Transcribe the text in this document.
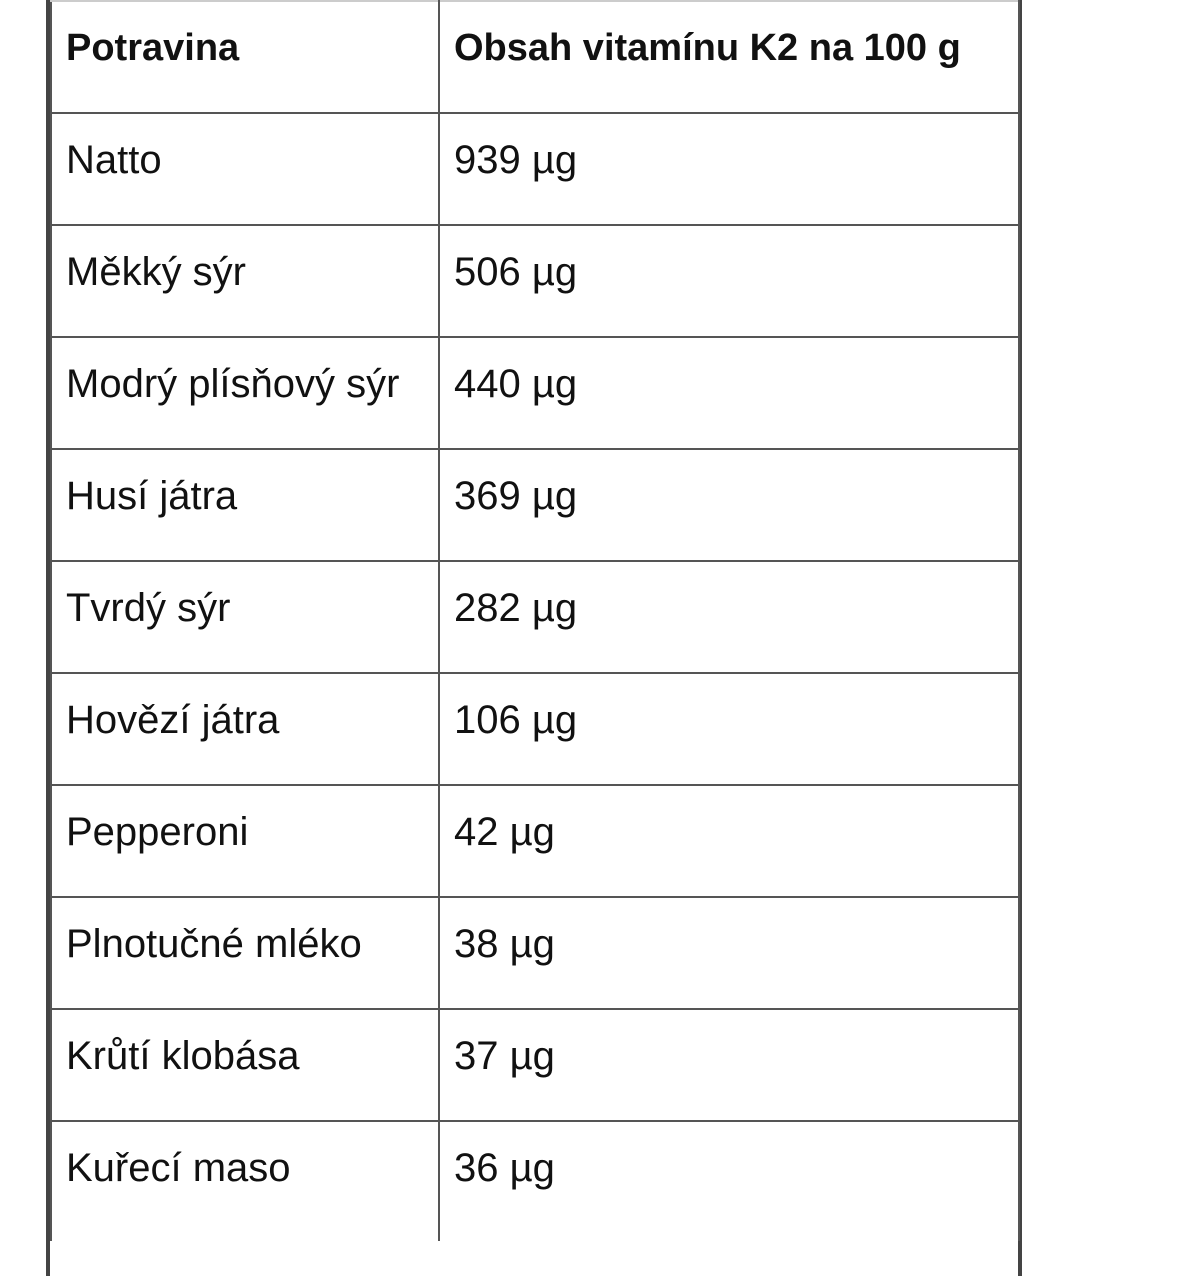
Potravina	Obsah vitamínu K2 na 100 g
Natto	939 µg
Měkký sýr	506 µg
Modrý plísňový sýr	440 µg
Husí játra	369 µg
Tvrdý sýr	282 µg
Hovězí játra	106 µg
Pepperoni	42 µg
Plnotučné mléko	38 µg
Krůtí klobása	37 µg
Kuřecí maso	36 µg
